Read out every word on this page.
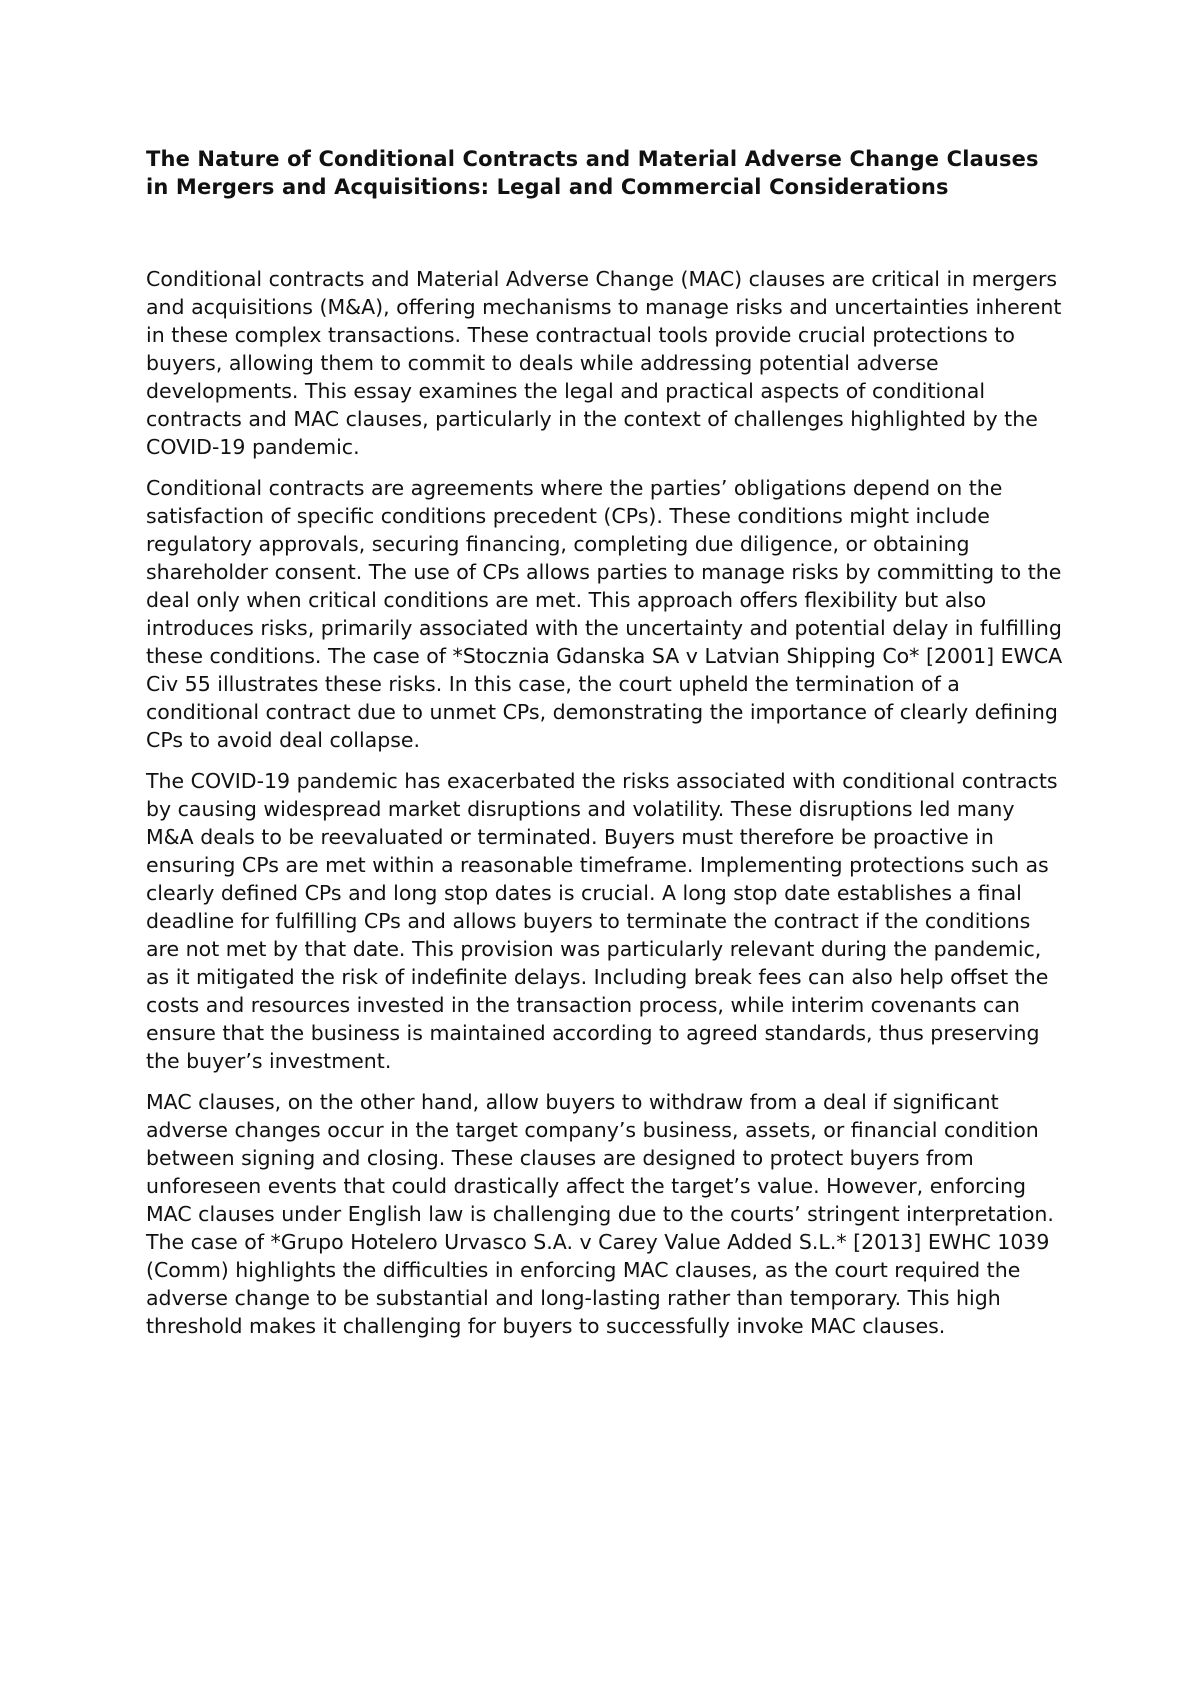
The Nature of Conditional Contracts and Material Adverse Change Clauses in Mergers and Acquisitions: Legal and Commercial Considerations

Conditional contracts and Material Adverse Change (MAC) clauses are critical in mergers and acquisitions (M&A), offering mechanisms to manage risks and uncertainties inherent in these complex transactions. These contractual tools provide crucial protections to buyers, allowing them to commit to deals while addressing potential adverse developments. This essay examines the legal and practical aspects of conditional contracts and MAC clauses, particularly in the context of challenges highlighted by the COVID-19 pandemic.

Conditional contracts are agreements where the parties’ obligations depend on the satisfaction of specific conditions precedent (CPs). These conditions might include regulatory approvals, securing financing, completing due diligence, or obtaining shareholder consent. The use of CPs allows parties to manage risks by committing to the deal only when critical conditions are met. This approach offers flexibility but also introduces risks, primarily associated with the uncertainty and potential delay in fulfilling these conditions. The case of *Stocznia Gdanska SA v Latvian Shipping Co* [2001] EWCA Civ 55 illustrates these risks. In this case, the court upheld the termination of a conditional contract due to unmet CPs, demonstrating the importance of clearly defining CPs to avoid deal collapse.

The COVID-19 pandemic has exacerbated the risks associated with conditional contracts by causing widespread market disruptions and volatility. These disruptions led many M&A deals to be reevaluated or terminated. Buyers must therefore be proactive in ensuring CPs are met within a reasonable timeframe. Implementing protections such as clearly defined CPs and long stop dates is crucial. A long stop date establishes a final deadline for fulfilling CPs and allows buyers to terminate the contract if the conditions are not met by that date. This provision was particularly relevant during the pandemic, as it mitigated the risk of indefinite delays. Including break fees can also help offset the costs and resources invested in the transaction process, while interim covenants can ensure that the business is maintained according to agreed standards, thus preserving the buyer’s investment.

MAC clauses, on the other hand, allow buyers to withdraw from a deal if significant adverse changes occur in the target company’s business, assets, or financial condition between signing and closing. These clauses are designed to protect buyers from unforeseen events that could drastically affect the target’s value. However, enforcing MAC clauses under English law is challenging due to the courts’ stringent interpretation. The case of *Grupo Hotelero Urvasco S.A. v Carey Value Added S.L.* [2013] EWHC 1039 (Comm) highlights the difficulties in enforcing MAC clauses, as the court required the adverse change to be substantial and long-lasting rather than temporary. This high threshold makes it challenging for buyers to successfully invoke MAC clauses.
